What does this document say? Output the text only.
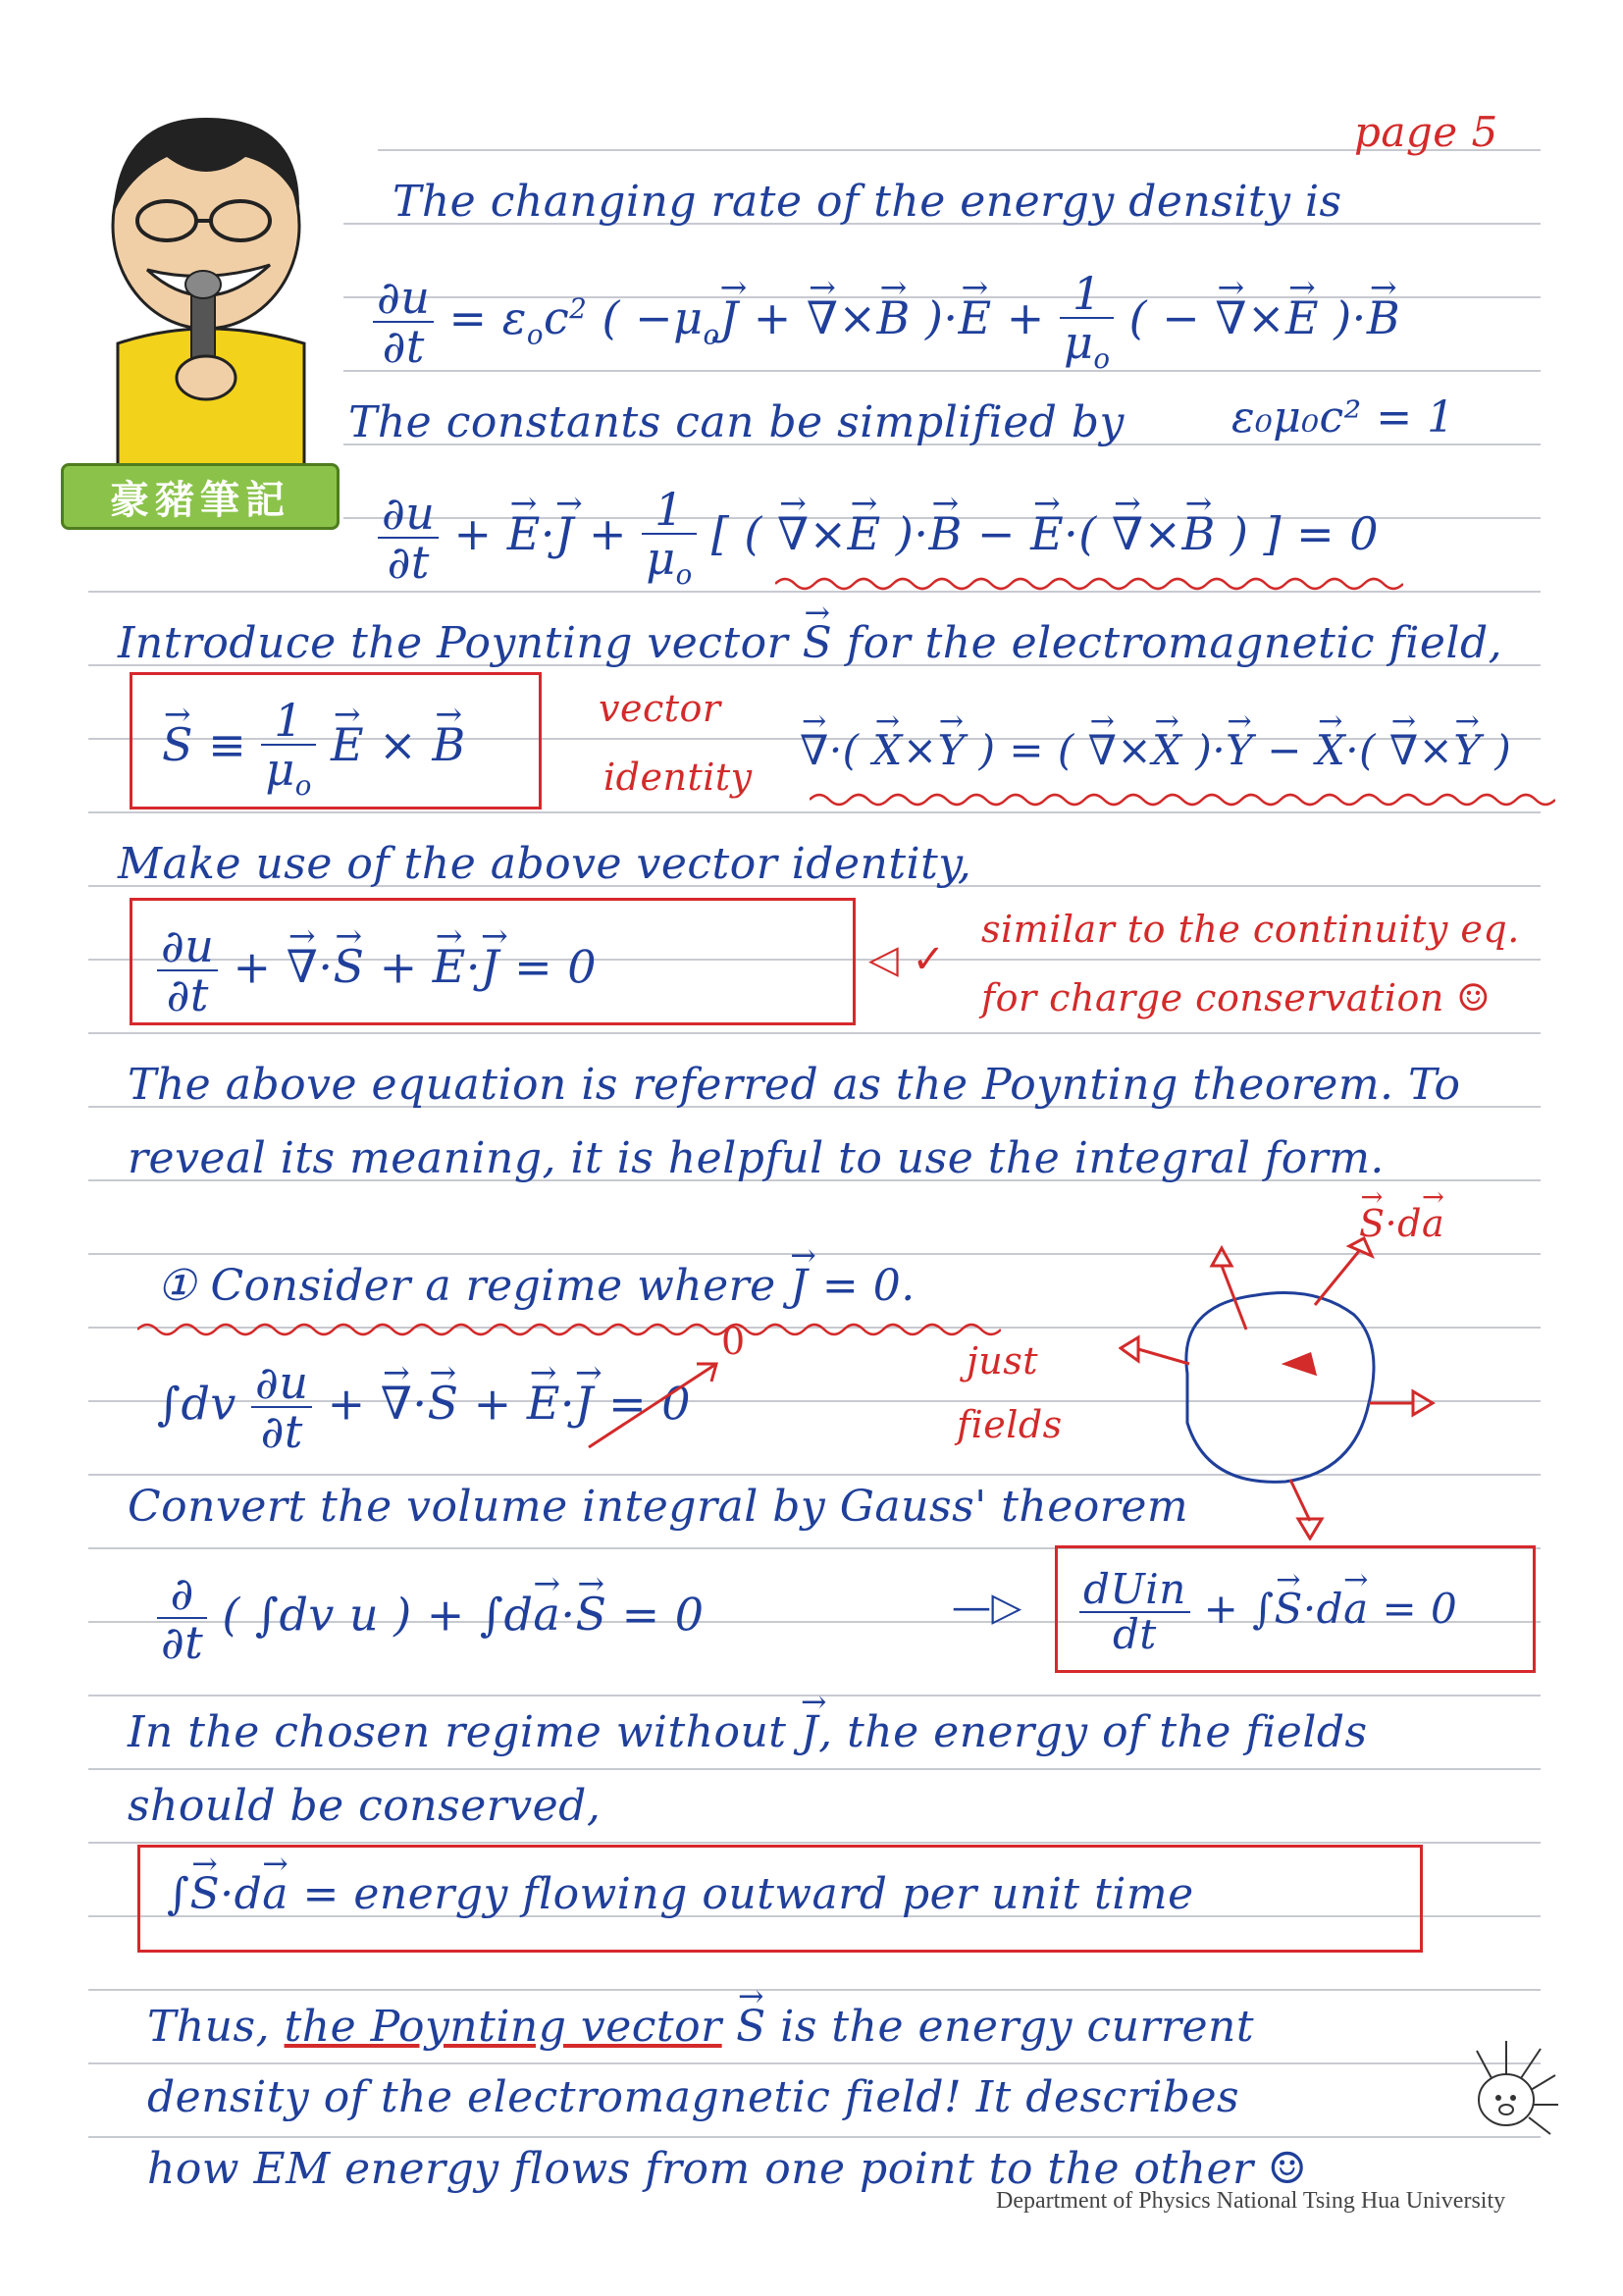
豪豬筆記
page 5
The changing rate of the energy density is
$\frac{\partial u}{\partial t} = \varepsilon_oc^2$ ( $-\mu_o\to J$ + → ∇×→ B )·→ $E + \frac{1}{\mu_o}$ ( − → ∇×→ E )·→ B
The constants can be simplified by ε₀μ₀c² = 1
$\frac{\partial u}{\partial t}$ + → $E\cdot\to J + \frac{1}{\mu_o}$ [ ( → ∇×→ E )·→ B − → E·( → ∇×→ B ) ] = 0
Introduce the Poynting vector → S for the electromagnetic field,
→ $S \equiv \frac{1}{\mu_o}$
→ E × → B
vector
identity
→ ∇·( → X×→ Y ) = ( → ∇×→ X )·→ Y − → X·( → ∇×→ Y )
Make use of the above vector identity,
$\frac{\partial u}{\partial t}$ + → ∇·→ S + → E·→ J = 0	◁ ✓
similar to the continuity eq.
for charge conservation ☺
The above equation is referred as the Poynting theorem. To
reveal its meaning, it is helpful to use the integral form.
① Consider a regime where → J = 0.
$\int dv \frac{\partial u}{\partial t}$ + → ∇·→ S + → E·→ J = 0
0	just
fields
→ S·d→ a
Convert the volume integral by Gauss' theorem
$\frac{\partial}{\partial t}$ ( ∫dv u ) + ∫d→ a·→ S = 0	—▷ $\frac{\text{dUin}}{dt}$ + ∫→ S·d→ a = 0
In the chosen regime without → J, the energy of the fields
should be conserved,
∫→ S·d→ a = energy flowing outward per unit time
Thus, the Poynting vector → S is the energy current
density of the electromagnetic field! It describes
how EM energy flows from one point to the other ☺
Department of Physics National Tsing Hua University
